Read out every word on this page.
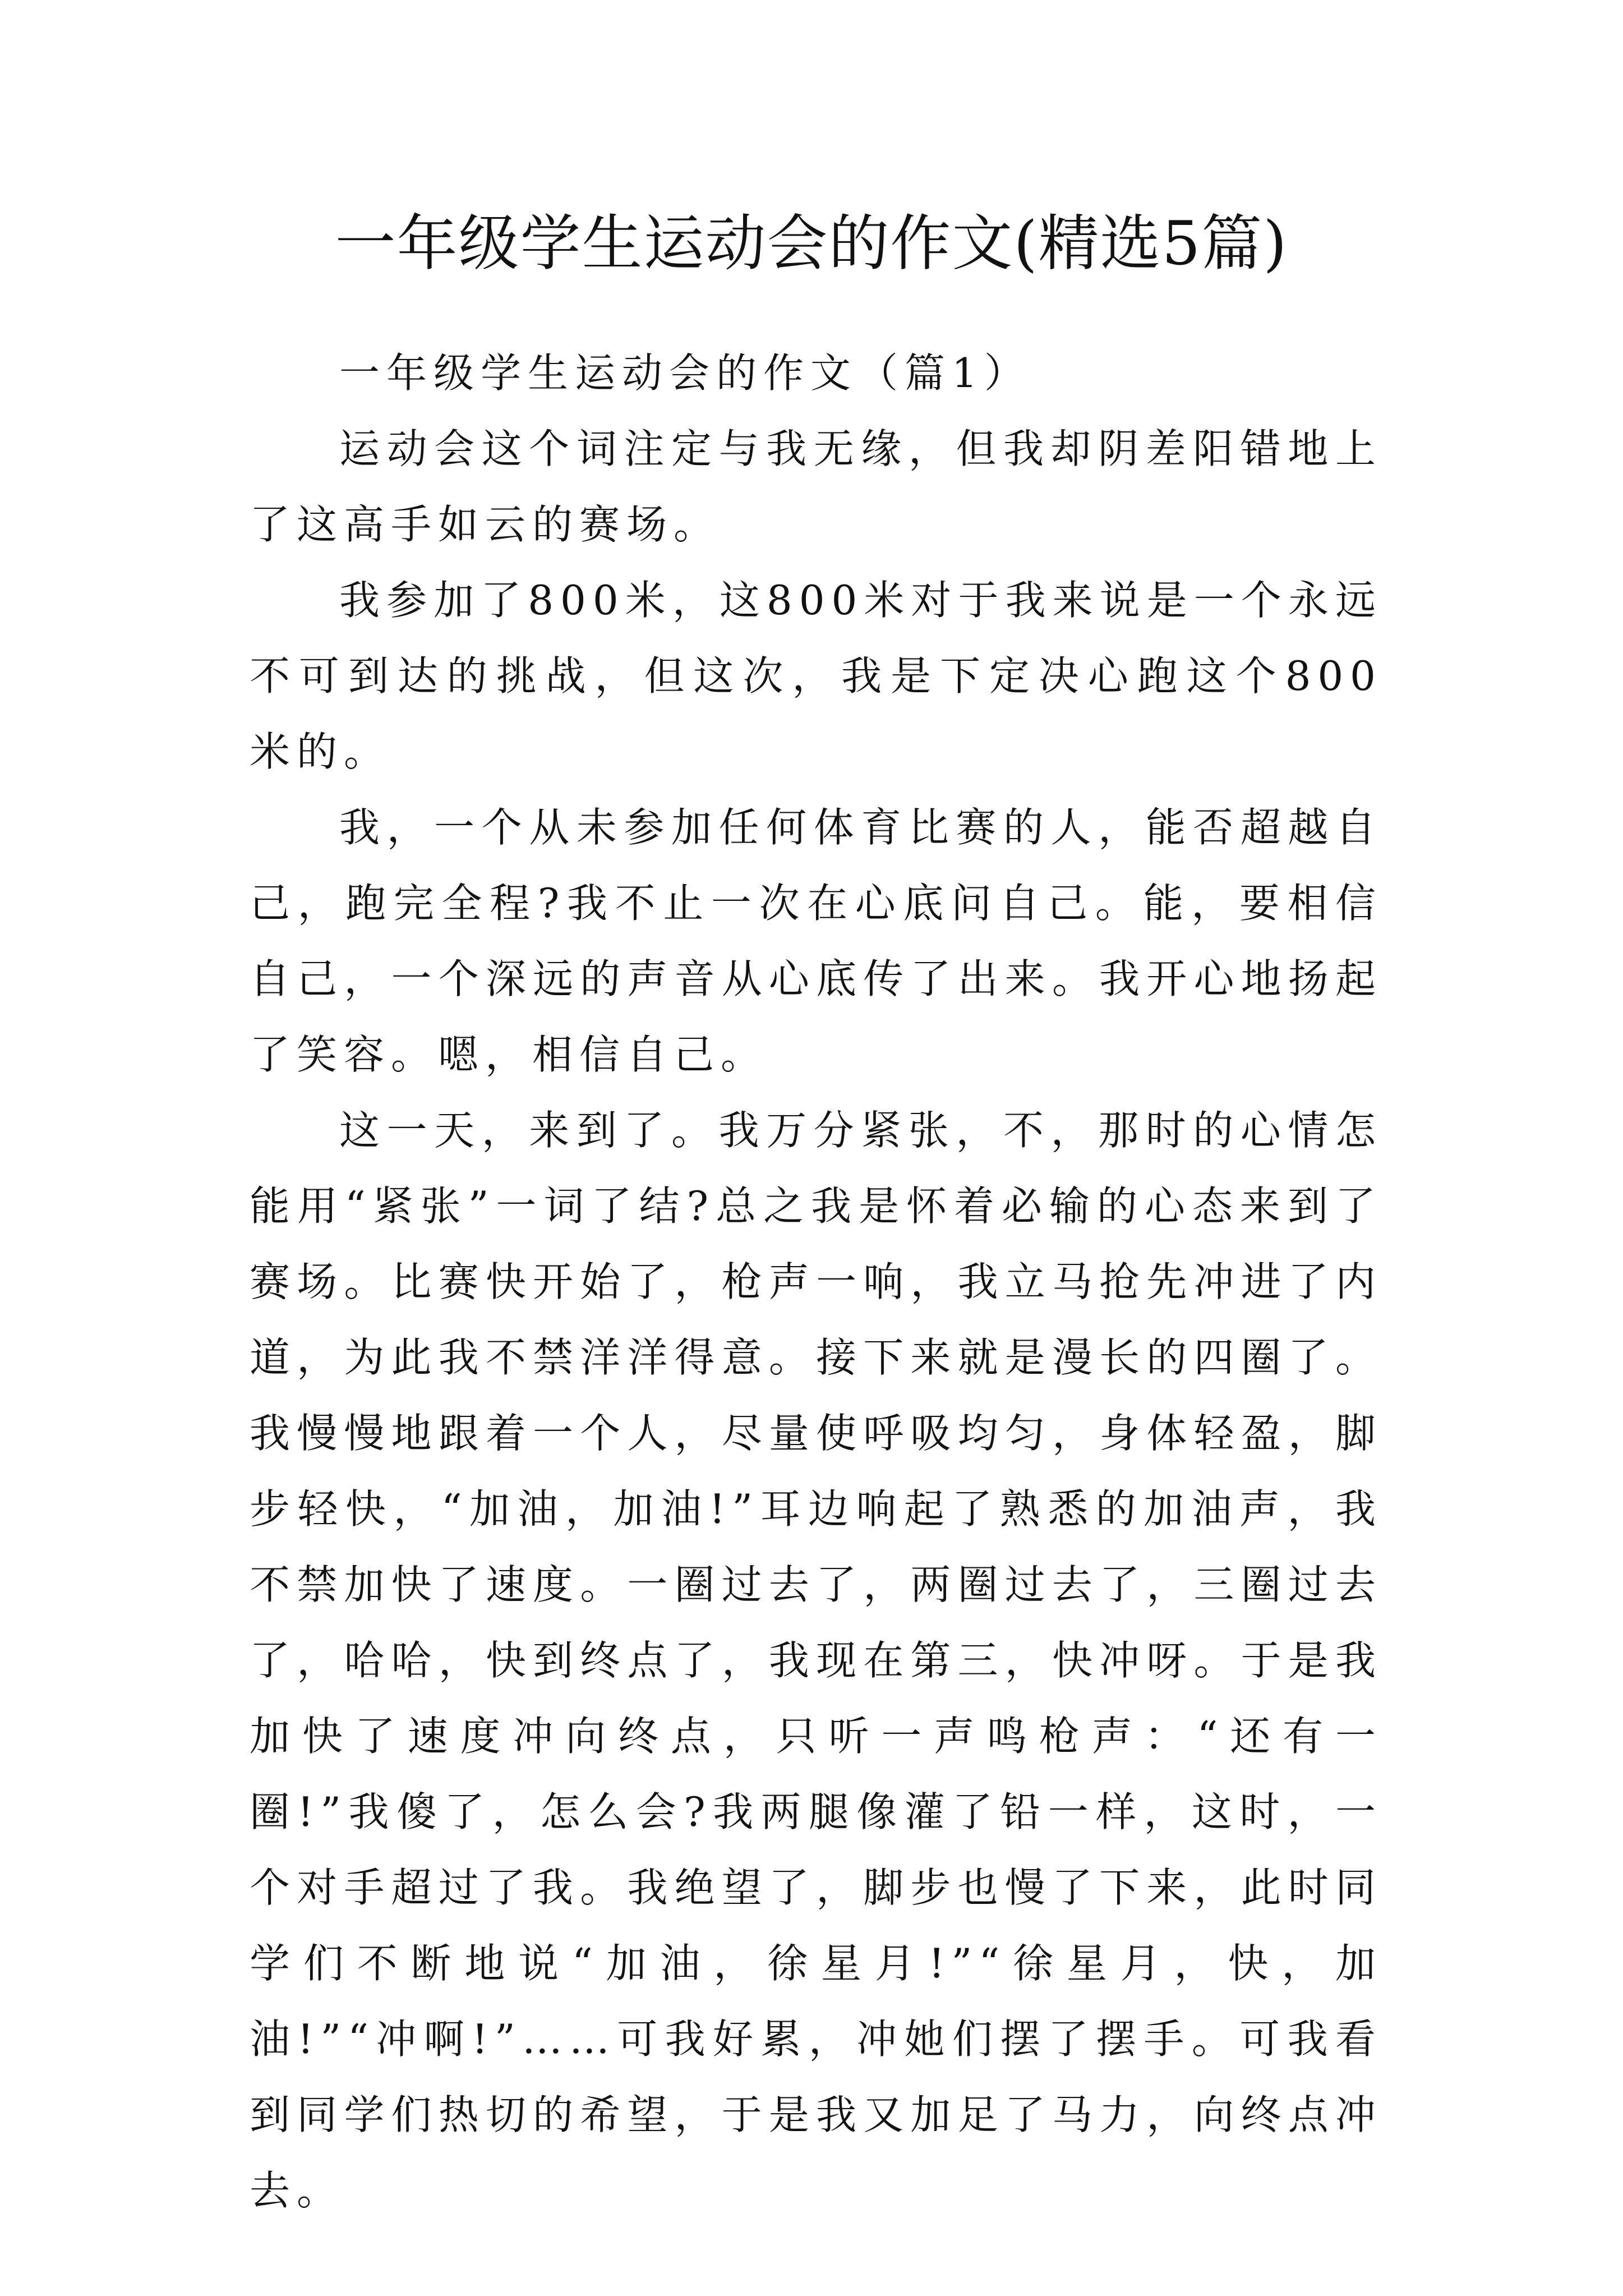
一年级学生运动会的作文(精选5篇)

一年级学生运动会的作文（篇1）

运动会这个词注定与我无缘，但我却阴差阳错地上了这高手如云的赛场。

我参加了800米，这800米对于我来说是一个永远不可到达的挑战，但这次，我是下定决心跑这个800米的。

我，一个从未参加任何体育比赛的人，能否超越自己，跑完全程?我不止一次在心底问自己。能，要相信自己，一个深远的声音从心底传了出来。我开心地扬起了笑容。嗯，相信自己。

这一天，来到了。我万分紧张，不，那时的心情怎能用“紧张”一词了结?总之我是怀着必输的心态来到了赛场。比赛快开始了，枪声一响，我立马抢先冲进了内道，为此我不禁洋洋得意。接下来就是漫长的四圈了。我慢慢地跟着一个人，尽量使呼吸均匀，身体轻盈，脚步轻快，“加油，加油!”耳边响起了熟悉的加油声，我不禁加快了速度。一圈过去了，两圈过去了，三圈过去了，哈哈，快到终点了，我现在第三，快冲呀。于是我加快了速度冲向终点，只听一声鸣枪声：“还有一圈!”我傻了，怎么会?我两腿像灌了铅一样，这时，一个对手超过了我。我绝望了，脚步也慢了下来，此时同学们不断地说“加油，徐星月!”“徐星月，快，加油!”“冲啊!”……可我好累，冲她们摆了摆手。可我看到同学们热切的希望，于是我又加足了马力，向终点冲去。
